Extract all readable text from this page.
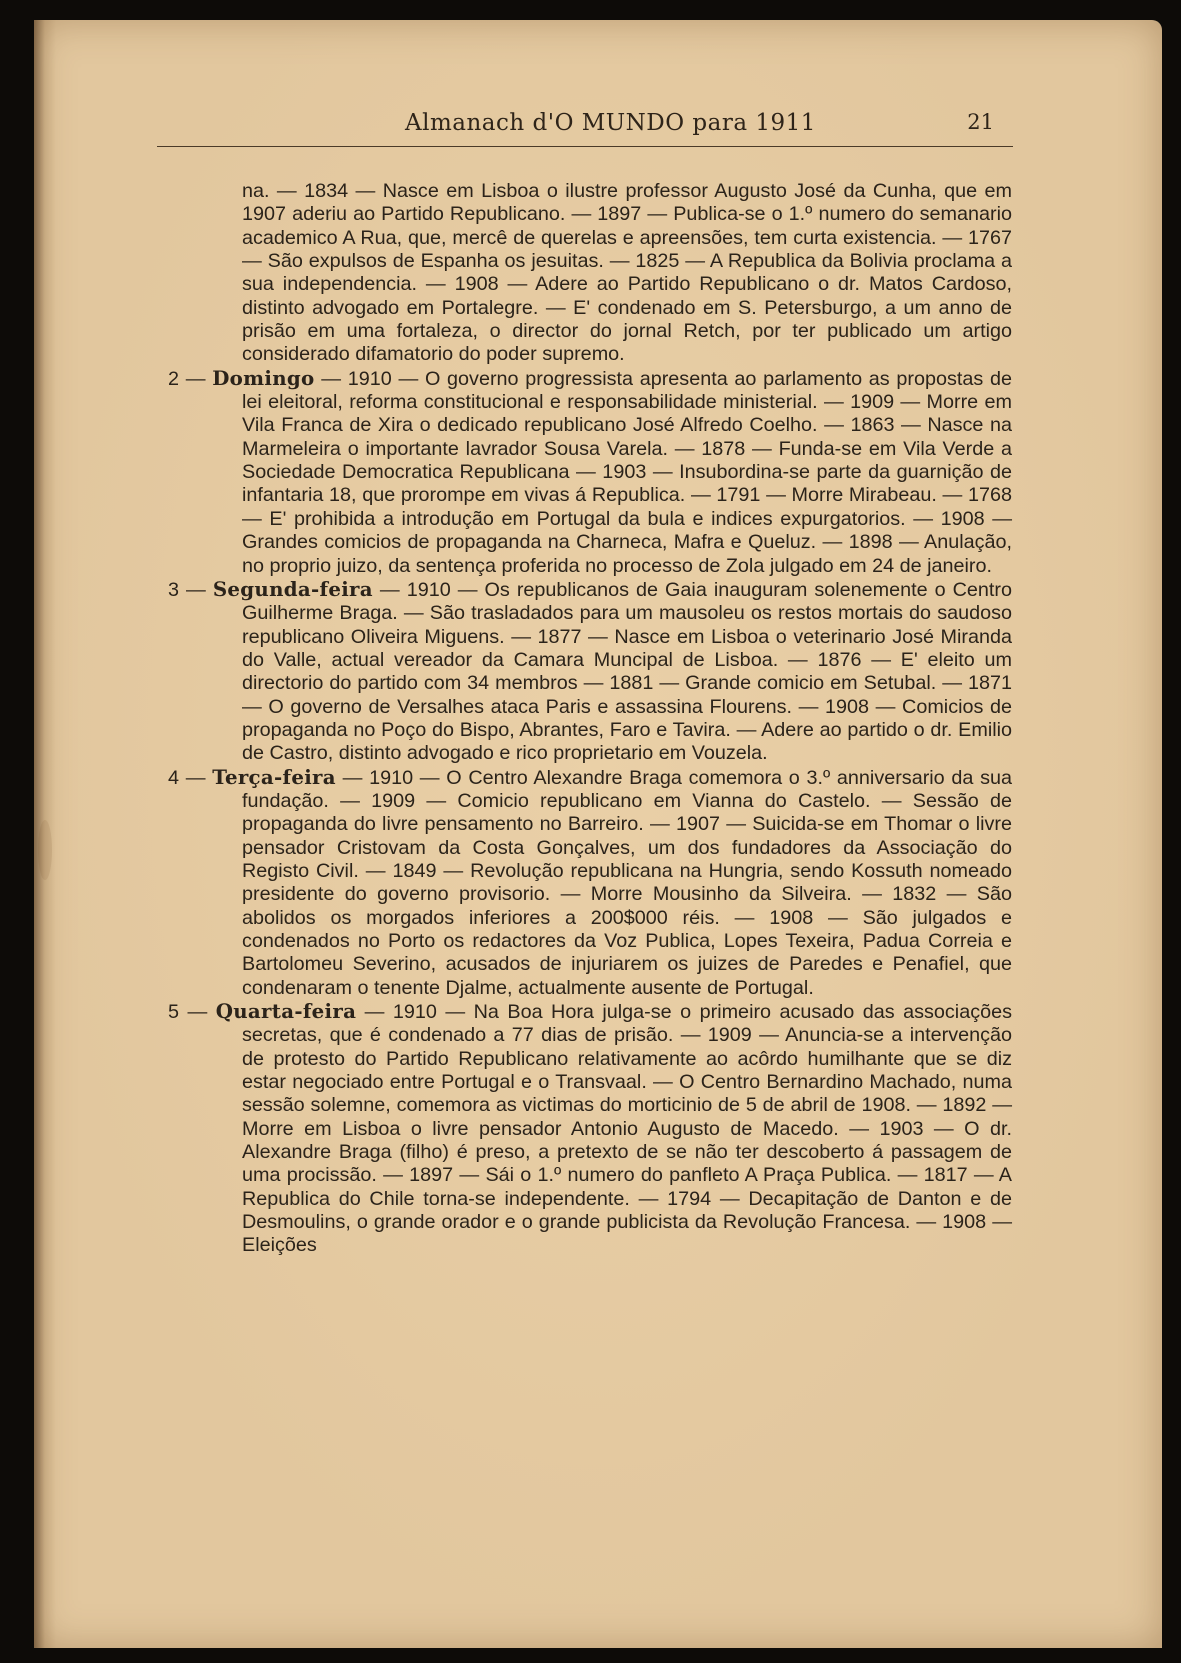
Almanach d'O MUNDO para 1911	21

na. — 1834 — Nasce em Lisboa o ilustre professor Augusto José da Cunha, que em 1907 aderiu ao Partido Republicano. — 1897 — Publica-se o 1.º numero do semanario academico A Rua, que, mercê de querelas e apreensões, tem curta existencia. — 1767 — São expulsos de Espanha os jesuitas. — 1825 — A Republica da Bolivia proclama a sua independencia. — 1908 — Adere ao Partido Republicano o dr. Matos Cardoso, distinto advogado em Portalegre. — E' condenado em S. Petersburgo, a um anno de prisão em uma fortaleza, o director do jornal Retch, por ter publicado um artigo considerado difamatorio do poder supremo.

2 — Domingo — 1910 — O governo progressista apresenta ao parlamento as propostas de lei eleitoral, reforma constitucional e responsabilidade ministerial. — 1909 — Morre em Vila Franca de Xira o dedicado republicano José Alfredo Coelho. — 1863 — Nasce na Marmeleira o importante lavrador Sousa Varela. — 1878 — Funda-se em Vila Verde a Sociedade Democratica Republicana — 1903 — Insubordina-se parte da guarnição de infantaria 18, que prorompe em vivas á Republica. — 1791 — Morre Mirabeau. — 1768 — E' prohibida a introdução em Portugal da bula e indices expurgatorios. — 1908 — Grandes comicios de propaganda na Charneca, Mafra e Queluz. — 1898 — Anulação, no proprio juizo, da sentença proferida no processo de Zola julgado em 24 de janeiro.

3 — Segunda-feira — 1910 — Os republicanos de Gaia inauguram solenemente o Centro Guilherme Braga. — São trasladados para um mausoleu os restos mortais do saudoso republicano Oliveira Miguens. — 1877 — Nasce em Lisboa o veterinario José Miranda do Valle, actual vereador da Camara Muncipal de Lisboa. — 1876 — E' eleito um directorio do partido com 34 membros — 1881 — Grande comicio em Setubal. — 1871 — O governo de Versalhes ataca Paris e assassina Flourens. — 1908 — Comicios de propaganda no Poço do Bispo, Abrantes, Faro e Tavira. — Adere ao partido o dr. Emilio de Castro, distinto advogado e rico proprietario em Vouzela.

4 — Terça-feira — 1910 — O Centro Alexandre Braga comemora o 3.º anniversario da sua fundação. — 1909 — Comicio republicano em Vianna do Castelo. — Sessão de propaganda do livre pensamento no Barreiro. — 1907 — Suicida-se em Thomar o livre pensador Cristovam da Costa Gonçalves, um dos fundadores da Associação do Registo Civil. — 1849 — Revolução republicana na Hungria, sendo Kossuth nomeado presidente do governo provisorio. — Morre Mousinho da Silveira. — 1832 — São abolidos os morgados inferiores a 200$000 réis. — 1908 — São julgados e condenados no Porto os redactores da Voz Publica, Lopes Texeira, Padua Correia e Bartolomeu Severino, acusados de injuriarem os juizes de Paredes e Penafiel, que condenaram o tenente Djalme, actualmente ausente de Portugal.

5 — Quarta-feira — 1910 — Na Boa Hora julga-se o primeiro acusado das associações secretas, que é condenado a 77 dias de prisão. — 1909 — Anuncia-se a intervenção de protesto do Partido Republicano relativamente ao acôrdo humilhante que se diz estar negociado entre Portugal e o Transvaal. — O Centro Bernardino Machado, numa sessão solemne, comemora as victimas do morticinio de 5 de abril de 1908. — 1892 — Morre em Lisboa o livre pensador Antonio Augusto de Macedo. — 1903 — O dr. Alexandre Braga (filho) é preso, a pretexto de se não ter descoberto á passagem de uma procissão. — 1897 — Sái o 1.º numero do panfleto A Praça Publica. — 1817 — A Republica do Chile torna-se independente. — 1794 — Decapitação de Danton e de Desmoulins, o grande orador e o grande publicista da Revolução Francesa. — 1908 — Eleições
